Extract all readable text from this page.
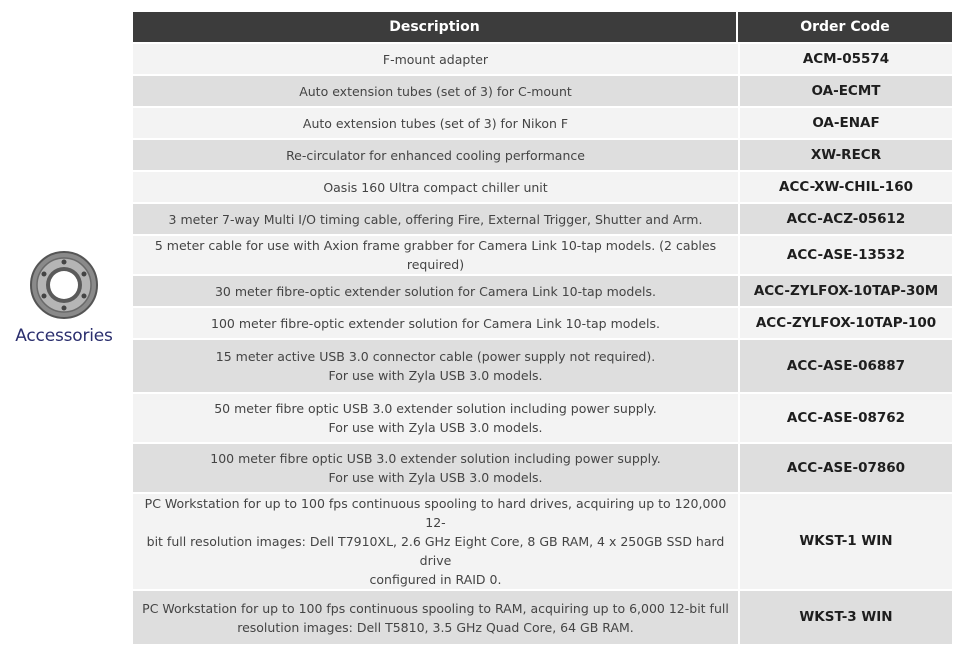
Accessories
Description	Order Code

F-mount adapter	ACM-05574

Auto extension tubes (set of 3) for C-mount	OA-ECMT

Auto extension tubes (set of 3) for Nikon F	OA-ENAF

Re-circulator for enhanced cooling performance	XW-RECR

Oasis 160 Ultra compact chiller unit	ACC-XW-CHIL-160

3 meter 7-way Multi I/O timing cable, offering Fire, External Trigger, Shutter and Arm.	ACC-ACZ-05612

5 meter cable for use with Axion frame grabber for Camera Link 10-tap models. (2 cables required)	ACC-ASE-13532

30 meter fibre-optic extender solution for Camera Link 10-tap models.	ACC-ZYLFOX-10TAP-30M

100 meter fibre-optic extender solution for Camera Link 10-tap models.	ACC-ZYLFOX-10TAP-100

15 meter active USB 3.0 connector cable (power supply not required).
For use with Zyla USB 3.0 models.	ACC-ASE-06887

50 meter fibre optic USB 3.0 extender solution including power supply.
For use with Zyla USB 3.0 models.	ACC-ASE-08762

100 meter fibre optic USB 3.0 extender solution including power supply.
For use with Zyla USB 3.0 models.	ACC-ASE-07860

PC Workstation for up to 100 fps continuous spooling to hard drives, acquiring up to 120,000 12-
bit full resolution images: Dell T7910XL, 2.6 GHz Eight Core, 8 GB RAM, 4 x 250GB SSD hard drive
configured in RAID 0.	WKST-1 WIN

PC Workstation for up to 100 fps continuous spooling to RAM, acquiring up to 6,000 12-bit full
resolution images: Dell T5810, 3.5 GHz Quad Core, 64 GB RAM.	WKST-3 WIN
